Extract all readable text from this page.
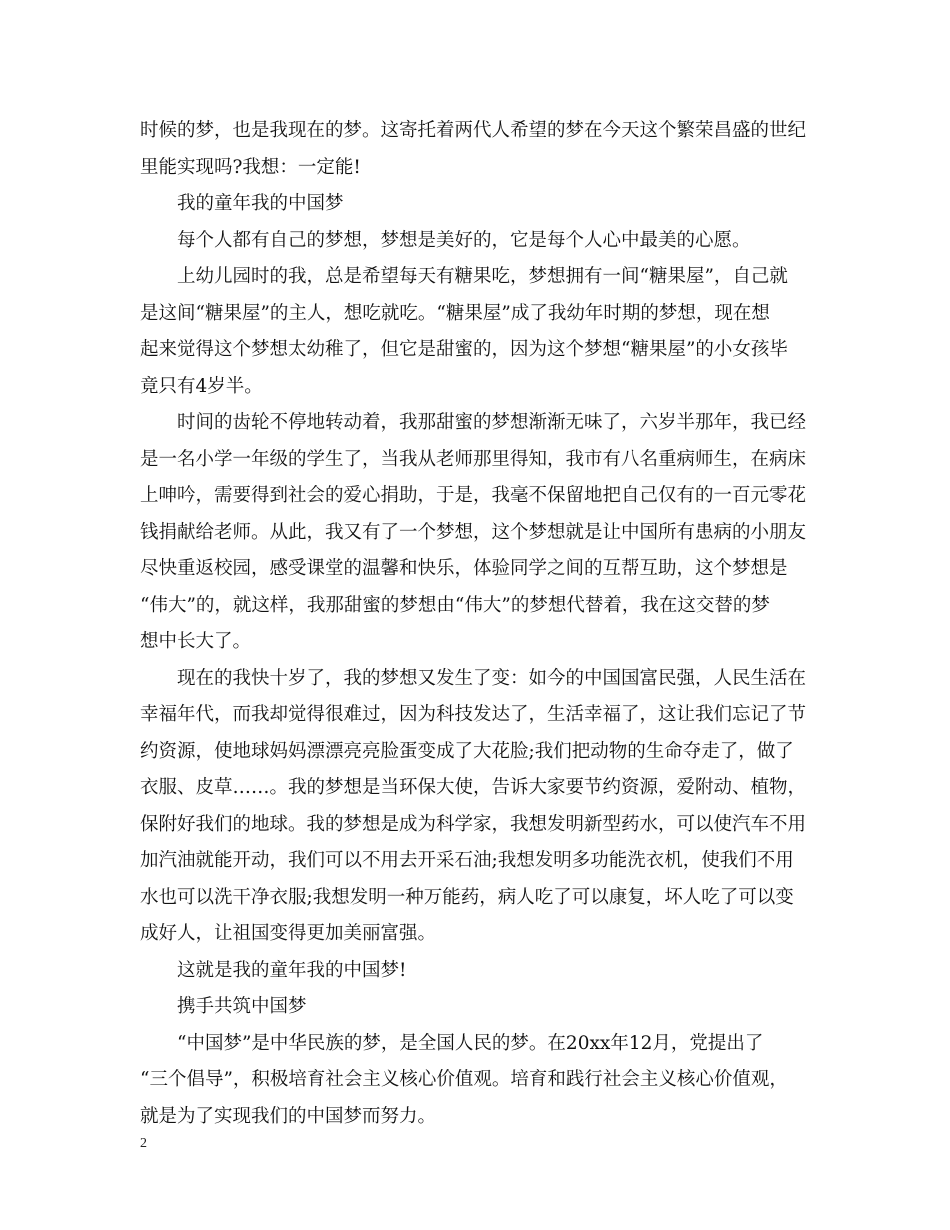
时候的梦，也是我现在的梦。这寄托着两代人希望的梦在今天这个繁荣昌盛的世纪
里能实现吗?我想：一定能!
我的童年我的中国梦
每个人都有自己的梦想，梦想是美好的，它是每个人心中最美的心愿。
上幼儿园时的我，总是希望每天有糖果吃，梦想拥有一间“糖果屋”，自己就
是这间“糖果屋”的主人，想吃就吃。“糖果屋”成了我幼年时期的梦想，现在想
起来觉得这个梦想太幼稚了，但它是甜蜜的，因为这个梦想“糖果屋”的小女孩毕
竟只有4岁半。
时间的齿轮不停地转动着，我那甜蜜的梦想渐渐无味了，六岁半那年，我已经
是一名小学一年级的学生了，当我从老师那里得知，我市有八名重病师生，在病床
上呻吟，需要得到社会的爱心捐助，于是，我毫不保留地把自己仅有的一百元零花
钱捐献给老师。从此，我又有了一个梦想，这个梦想就是让中国所有患病的小朋友
尽快重返校园，感受课堂的温馨和快乐，体验同学之间的互帮互助，这个梦想是
“伟大”的，就这样，我那甜蜜的梦想由“伟大”的梦想代替着，我在这交替的梦
想中长大了。
现在的我快十岁了，我的梦想又发生了变：如今的中国国富民强，人民生活在
幸福年代，而我却觉得很难过，因为科技发达了，生活幸福了，这让我们忘记了节
约资源，使地球妈妈漂漂亮亮脸蛋变成了大花脸;我们把动物的生命夺走了，做了
衣服、皮草……。我的梦想是当环保大使，告诉大家要节约资源，爱附动、植物，
保附好我们的地球。我的梦想是成为科学家，我想发明新型药水，可以使汽车不用
加汽油就能开动，我们可以不用去开采石油;我想发明多功能洗衣机，使我们不用
水也可以洗干净衣服;我想发明一种万能药，病人吃了可以康复，坏人吃了可以变
成好人，让祖国变得更加美丽富强。
这就是我的童年我的中国梦!
携手共筑中国梦
“中国梦”是中华民族的梦，是全国人民的梦。在20xx年12月，党提出了
“三个倡导”，积极培育社会主义核心价值观。培育和践行社会主义核心价值观，
就是为了实现我们的中国梦而努力。
2
